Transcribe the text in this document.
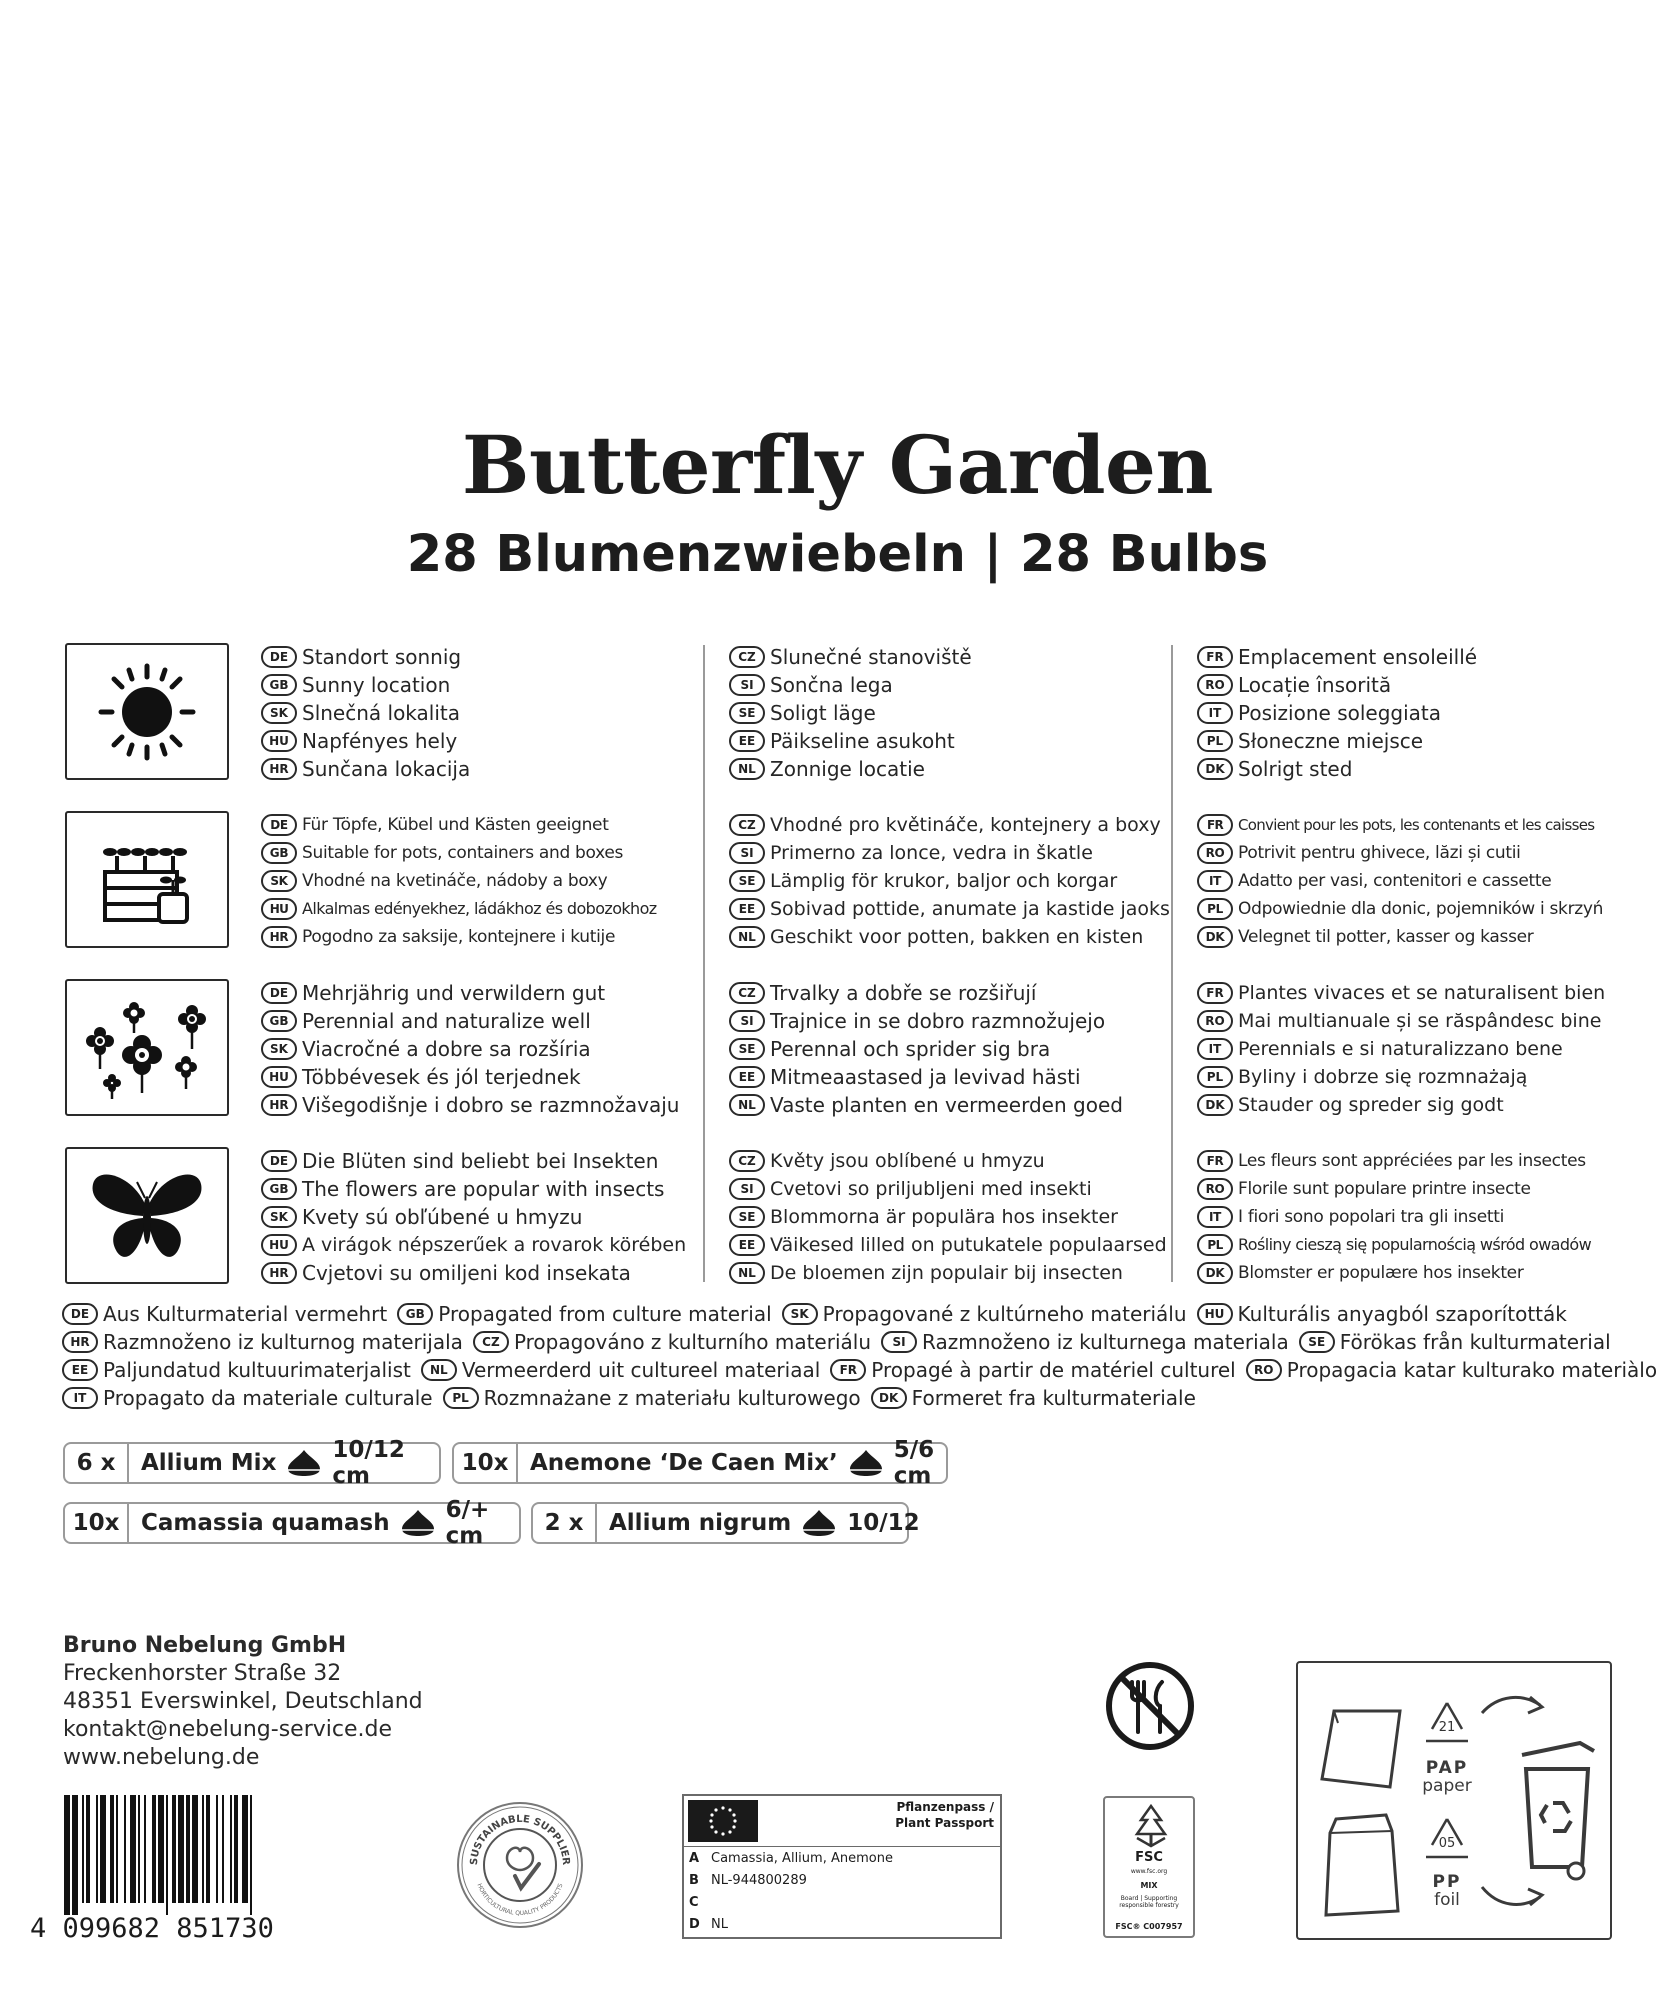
Butterfly Garden
28 Blumenzwiebeln | 28 Bulbs
DE Standort sonnig
GB Sunny location
SK Slnečná lokalita
HU Napfényes hely
HR Sunčana lokacija
CZ Slunečné stanoviště
SI Sončna lega
SE Soligt läge
EE Päikseline asukoht
NL Zonnige locatie
FR Emplacement ensoleillé
RO Locație însorită
IT Posizione soleggiata
PL Słoneczne miejsce
DK Solrigt sted
DE Für Töpfe, Kübel und Kästen geeignet
GB Suitable for pots, containers and boxes
SK Vhodné na kvetináče, nádoby a boxy
HU Alkalmas edényekhez, ládákhoz és dobozokhoz
HR Pogodno za saksije, kontejnere i kutije
CZ Vhodné pro květináče, kontejnery a boxy
SI Primerno za lonce, vedra in škatle
SE Lämplig för krukor, baljor och korgar
EE Sobivad pottide, anumate ja kastide jaoks
NL Geschikt voor potten, bakken en kisten
FR Convient pour les pots, les contenants et les caisses
RO Potrivit pentru ghivece, lăzi și cutii
IT Adatto per vasi, contenitori e cassette
PL Odpowiednie dla donic, pojemników i skrzyń
DK Velegnet til potter, kasser og kasser
DE Mehrjährig und verwildern gut
GB Perennial and naturalize well
SK Viacročné a dobre sa rozšíria
HU Többévesek és jól terjednek
HR Višegodišnje i dobro se razmnožavaju
CZ Trvalky a dobře se rozšiřují
SI Trajnice in se dobro razmnožujejo
SE Perennal och sprider sig bra
EE Mitmeaastased ja levivad hästi
NL Vaste planten en vermeerden goed
FR Plantes vivaces et se naturalisent bien
RO Mai multianuale și se răspândesc bine
IT Perennials e si naturalizzano bene
PL Byliny i dobrze się rozmnażają
DK Stauder og spreder sig godt
DE Die Blüten sind beliebt bei Insekten
GB The flowers are popular with insects
SK Kvety sú obľúbené u hmyzu
HU A virágok népszerűek a rovarok körében
HR Cvjetovi su omiljeni kod insekata
CZ Květy jsou oblíbené u hmyzu
SI Cvetovi so priljubljeni med insekti
SE Blommorna är populära hos insekter
EE Väikesed lilled on putukatele populaarsed
NL De bloemen zijn populair bij insecten
FR Les fleurs sont appréciées par les insectes
RO Florile sunt populare printre insecte
IT I fiori sono popolari tra gli insetti
PL Rośliny cieszą się popularnością wśród owadów
DK Blomster er populære hos insekter
DE Aus Kulturmaterial vermehrt	GB Propagated from culture material	SK Propagované z kultúrneho materiálu	HU Kulturális anyagból szaporították
HR Razmnoženo iz kulturnog materijala	CZ Propagováno z kulturního materiálu	SI Razmnoženo iz kulturnega materiala	SE Förökas från kulturmaterial
EE Paljundatud kultuurimaterjalist	NL Vermeerderd uit cultureel materiaal	FR Propagé à partir de matériel culturel	RO Propagacia katar kulturako materiàlo
IT Propagato da materiale culturale	PL Rozmnażane z materiału kulturowego	DK Formeret fra kulturmateriale
6 x	Allium Mix 10/12 cm	10x Anemone ‘De Caen Mix’ 5/6 cm
10x Camassia quamash 6/+ cm	2 x	Allium nigrum 10/12
Bruno Nebelung GmbH
Freckenhorster Straße 32
48351 Everswinkel, Deutschland
kontakt@nebelung-service.de
www.nebelung.de
4 099682 851730
SUSTAINABLE SUPPLIER
HORTICULTURAL QUALITY PRODUCTS
Pflanzenpass /
Plant Passport
A Camassia, Allium, Anemone
B NL-944800289
C
D NL
FSC
www.fsc.org
MIX
Board | Supporting
responsible forestry
FSC® C007957
21
PAP
paper
05
PP
foil
